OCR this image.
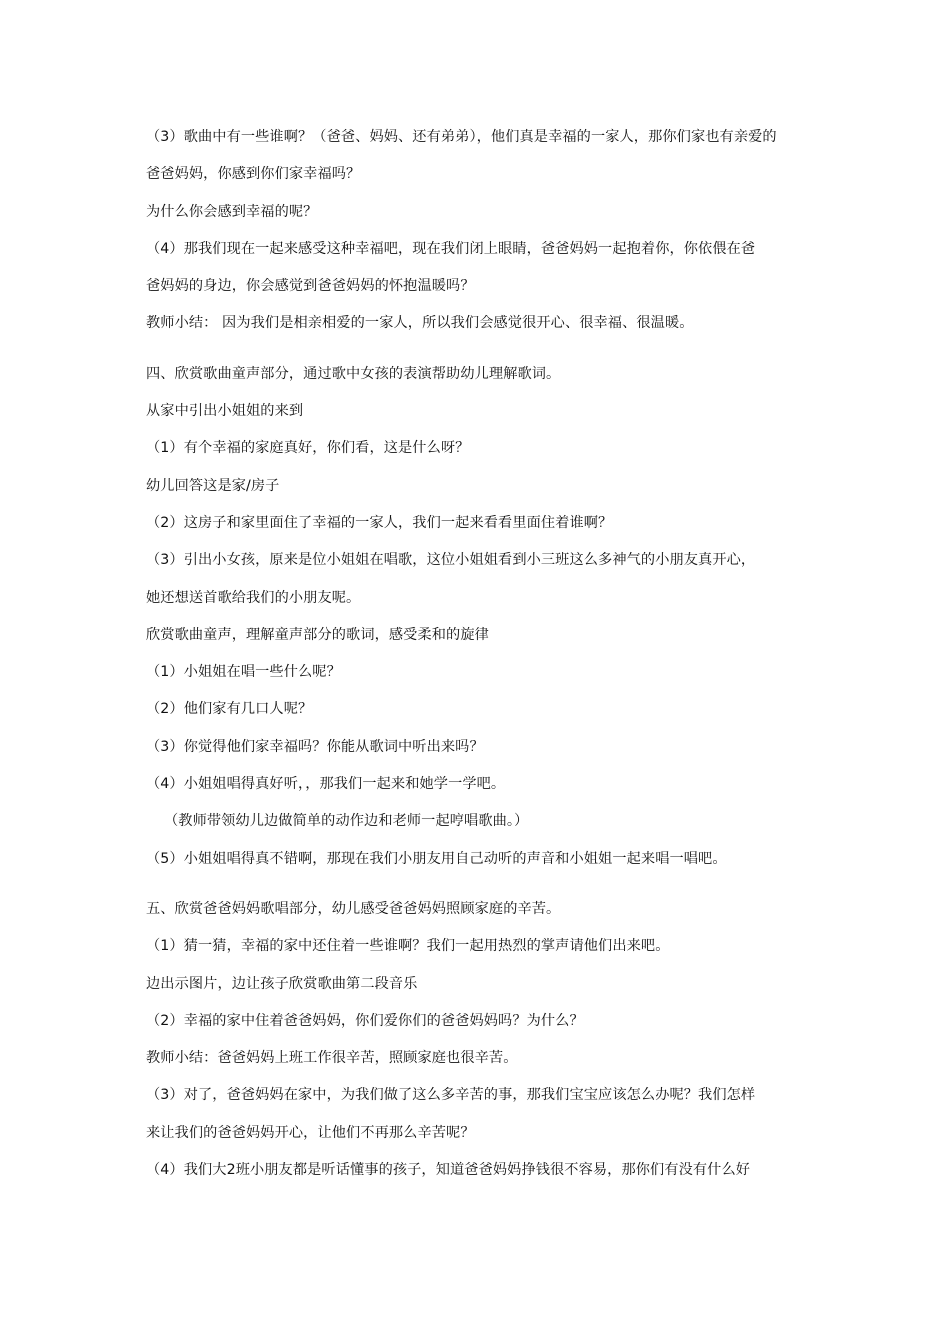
（3）歌曲中有一些谁啊？（爸爸、妈妈、还有弟弟），他们真是幸福的一家人，那你们家也有亲爱的
爸爸妈妈，你感到你们家幸福吗？
为什么你会感到幸福的呢？
（4）那我们现在一起来感受这种幸福吧，现在我们闭上眼睛，爸爸妈妈一起抱着你，你依偎在爸
爸妈妈的身边，你会感觉到爸爸妈妈的怀抱温暖吗？
教师小结： 因为我们是相亲相爱的一家人，所以我们会感觉很开心、很幸福、很温暖。
四、欣赏歌曲童声部分，通过歌中女孩的表演帮助幼儿理解歌词。
从家中引出小姐姐的来到
（1）有个幸福的家庭真好，你们看，这是什么呀？
幼儿回答这是家/房子
（2）这房子和家里面住了幸福的一家人，我们一起来看看里面住着谁啊？
（3）引出小女孩，原来是位小姐姐在唱歌，这位小姐姐看到小三班这么多神气的小朋友真开心，
她还想送首歌给我们的小朋友呢。
欣赏歌曲童声，理解童声部分的歌词，感受柔和的旋律
（1）小姐姐在唱一些什么呢？
（2）他们家有几口人呢？
（3）你觉得他们家幸福吗？你能从歌词中听出来吗？
（4）小姐姐唱得真好听，，那我们一起来和她学一学吧。
（教师带领幼儿边做简单的动作边和老师一起哼唱歌曲。）
（5）小姐姐唱得真不错啊，那现在我们小朋友用自己动听的声音和小姐姐一起来唱一唱吧。
五、欣赏爸爸妈妈歌唱部分，幼儿感受爸爸妈妈照顾家庭的辛苦。
（1）猜一猜，幸福的家中还住着一些谁啊？我们一起用热烈的掌声请他们出来吧。
边出示图片，边让孩子欣赏歌曲第二段音乐
（2）幸福的家中住着爸爸妈妈，你们爱你们的爸爸妈妈吗？为什么？
教师小结：爸爸妈妈上班工作很辛苦，照顾家庭也很辛苦。
（3）对了，爸爸妈妈在家中，为我们做了这么多辛苦的事，那我们宝宝应该怎么办呢？我们怎样
来让我们的爸爸妈妈开心，让他们不再那么辛苦呢？
（4）我们大2班小朋友都是听话懂事的孩子，知道爸爸妈妈挣钱很不容易，那你们有没有什么好
